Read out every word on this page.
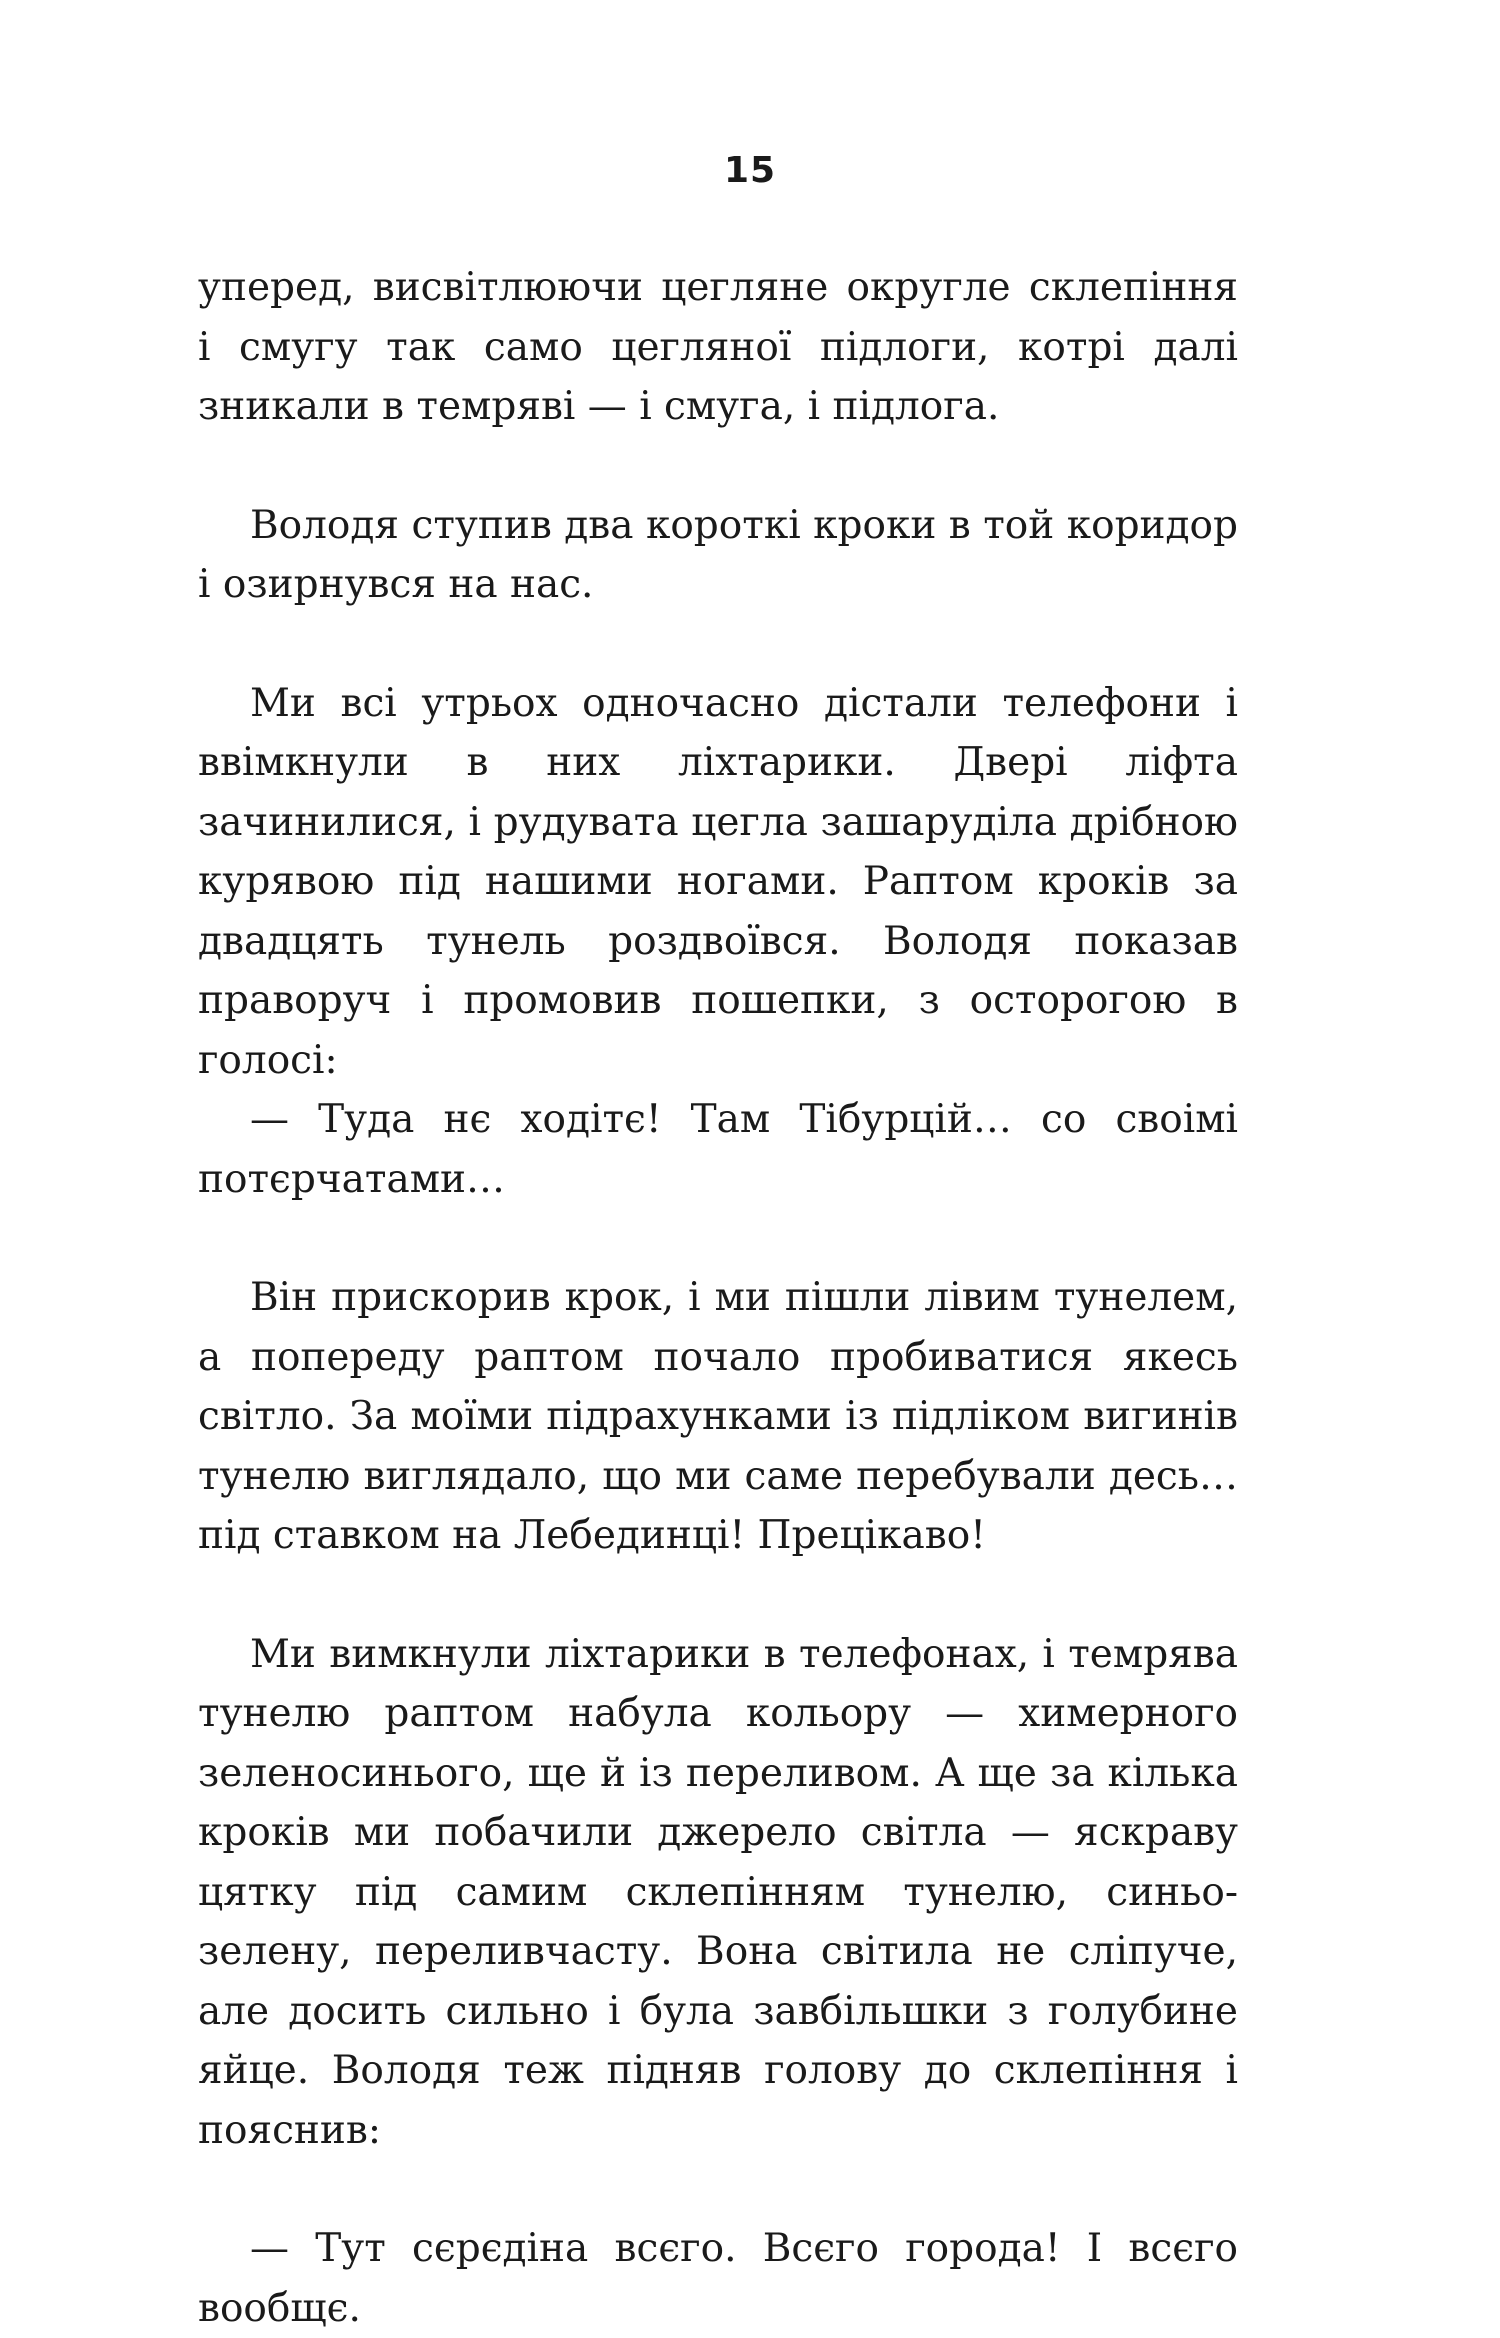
15

уперед, висвітлюючи цегляне округле склепіння і смугу так само цегляної підлоги, котрі далі зникали в темряві — і смуга, і підлога.

Володя ступив два короткі кроки в той коридор і озирнувся на нас.

Ми всі утрьох одночасно дістали телефони і ввімкнули в них ліхтарики. Двері ліфта зачинилися, і рудувата цегла зашаруділа дрібною курявою під нашими ногами. Раптом кроків за двадцять тунель роздвоївся. Володя показав праворуч і промовив пошепки, з осторогою в голосі:

— Туда нє ходітє! Там Тібурцій… со своімі потєрчатами…

Він прискорив крок, і ми пішли лівим тунелем, а попереду раптом почало пробиватися якесь світло. За моїми підрахунками із підліком вигинів тунелю виглядало, що ми саме перебували десь… під ставком на Лебединці! Прецікаво!

Ми вимкнули ліхтарики в телефонах, і темрява тунелю раптом набула кольору — химерного зеленосинього, ще й із переливом. А ще за кілька кроків ми побачили джерело світла — яскраву цятку під самим склепінням тунелю, синьо-зелену, переливчасту. Вона світила не сліпуче, але досить сильно і була завбільшки з голубине яйце. Володя теж підняв голову до склепіння і пояснив:

— Тут сєрєдіна всєго. Всєго города! І всєго вообщє.
